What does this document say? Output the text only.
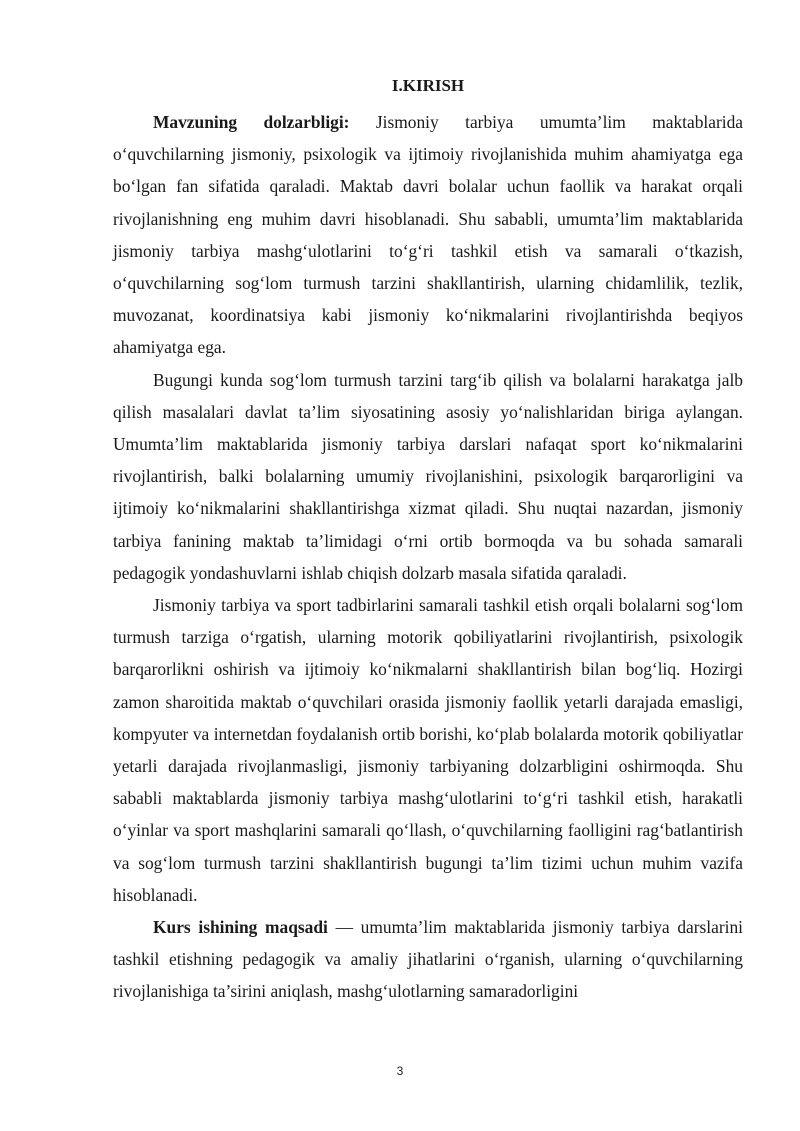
I.KIRISH

Mavzuning dolzarbligi: Jismoniy tarbiya umumta’lim maktablarida o‘quvchilarning jismoniy, psixologik va ijtimoiy rivojlanishida muhim ahamiyatga ega bo‘lgan fan sifatida qaraladi. Maktab davri bolalar uchun faollik va harakat orqali rivojlanishning eng muhim davri hisoblanadi. Shu sababli, umumta’lim maktablarida jismoniy tarbiya mashg‘ulotlarini to‘g‘ri tashkil etish va samarali o‘tkazish, o‘quvchilarning sog‘lom turmush tarzini shakllantirish, ularning chidamlilik, tezlik, muvozanat, koordinatsiya kabi jismoniy ko‘nikmalarini rivojlantirishda beqiyos ahamiyatga ega.

Bugungi kunda sog‘lom turmush tarzini targ‘ib qilish va bolalarni harakatga jalb qilish masalalari davlat ta’lim siyosatining asosiy yo‘nalishlaridan biriga aylangan. Umumta’lim maktablarida jismoniy tarbiya darslari nafaqat sport ko‘nikmalarini rivojlantirish, balki bolalarning umumiy rivojlanishini, psixologik barqarorligini va ijtimoiy ko‘nikmalarini shakllantirishga xizmat qiladi. Shu nuqtai nazardan, jismoniy tarbiya fanining maktab ta’limidagi o‘rni ortib bormoqda va bu sohada samarali pedagogik yondashuvlarni ishlab chiqish dolzarb masala sifatida qaraladi.

Jismoniy tarbiya va sport tadbirlarini samarali tashkil etish orqali bolalarni sog‘lom turmush tarziga o‘rgatish, ularning motorik qobiliyatlarini rivojlantirish, psixologik barqarorlikni oshirish va ijtimoiy ko‘nikmalarni shakllantirish bilan bog‘liq. Hozirgi zamon sharoitida maktab o‘quvchilari orasida jismoniy faollik yetarli darajada emasligi, kompyuter va internetdan foydalanish ortib borishi, ko‘plab bolalarda motorik qobiliyatlar yetarli darajada rivojlanmasligi, jismoniy tarbiyaning dolzarbligini oshirmoqda. Shu sababli maktablarda jismoniy tarbiya mashg‘ulotlarini to‘g‘ri tashkil etish, harakatli o‘yinlar va sport mashqlarini samarali qo‘llash, o‘quvchilarning faolligini rag‘batlantirish va sog‘lom turmush tarzini shakllantirish bugungi ta’lim tizimi uchun muhim vazifa hisoblanadi.

Kurs ishining maqsadi — umumta’lim maktablarida jismoniy tarbiya darslarini tashkil etishning pedagogik va amaliy jihatlarini o‘rganish, ularning o‘quvchilarning rivojlanishiga ta’sirini aniqlash, mashg‘ulotlarning samaradorligini

3
